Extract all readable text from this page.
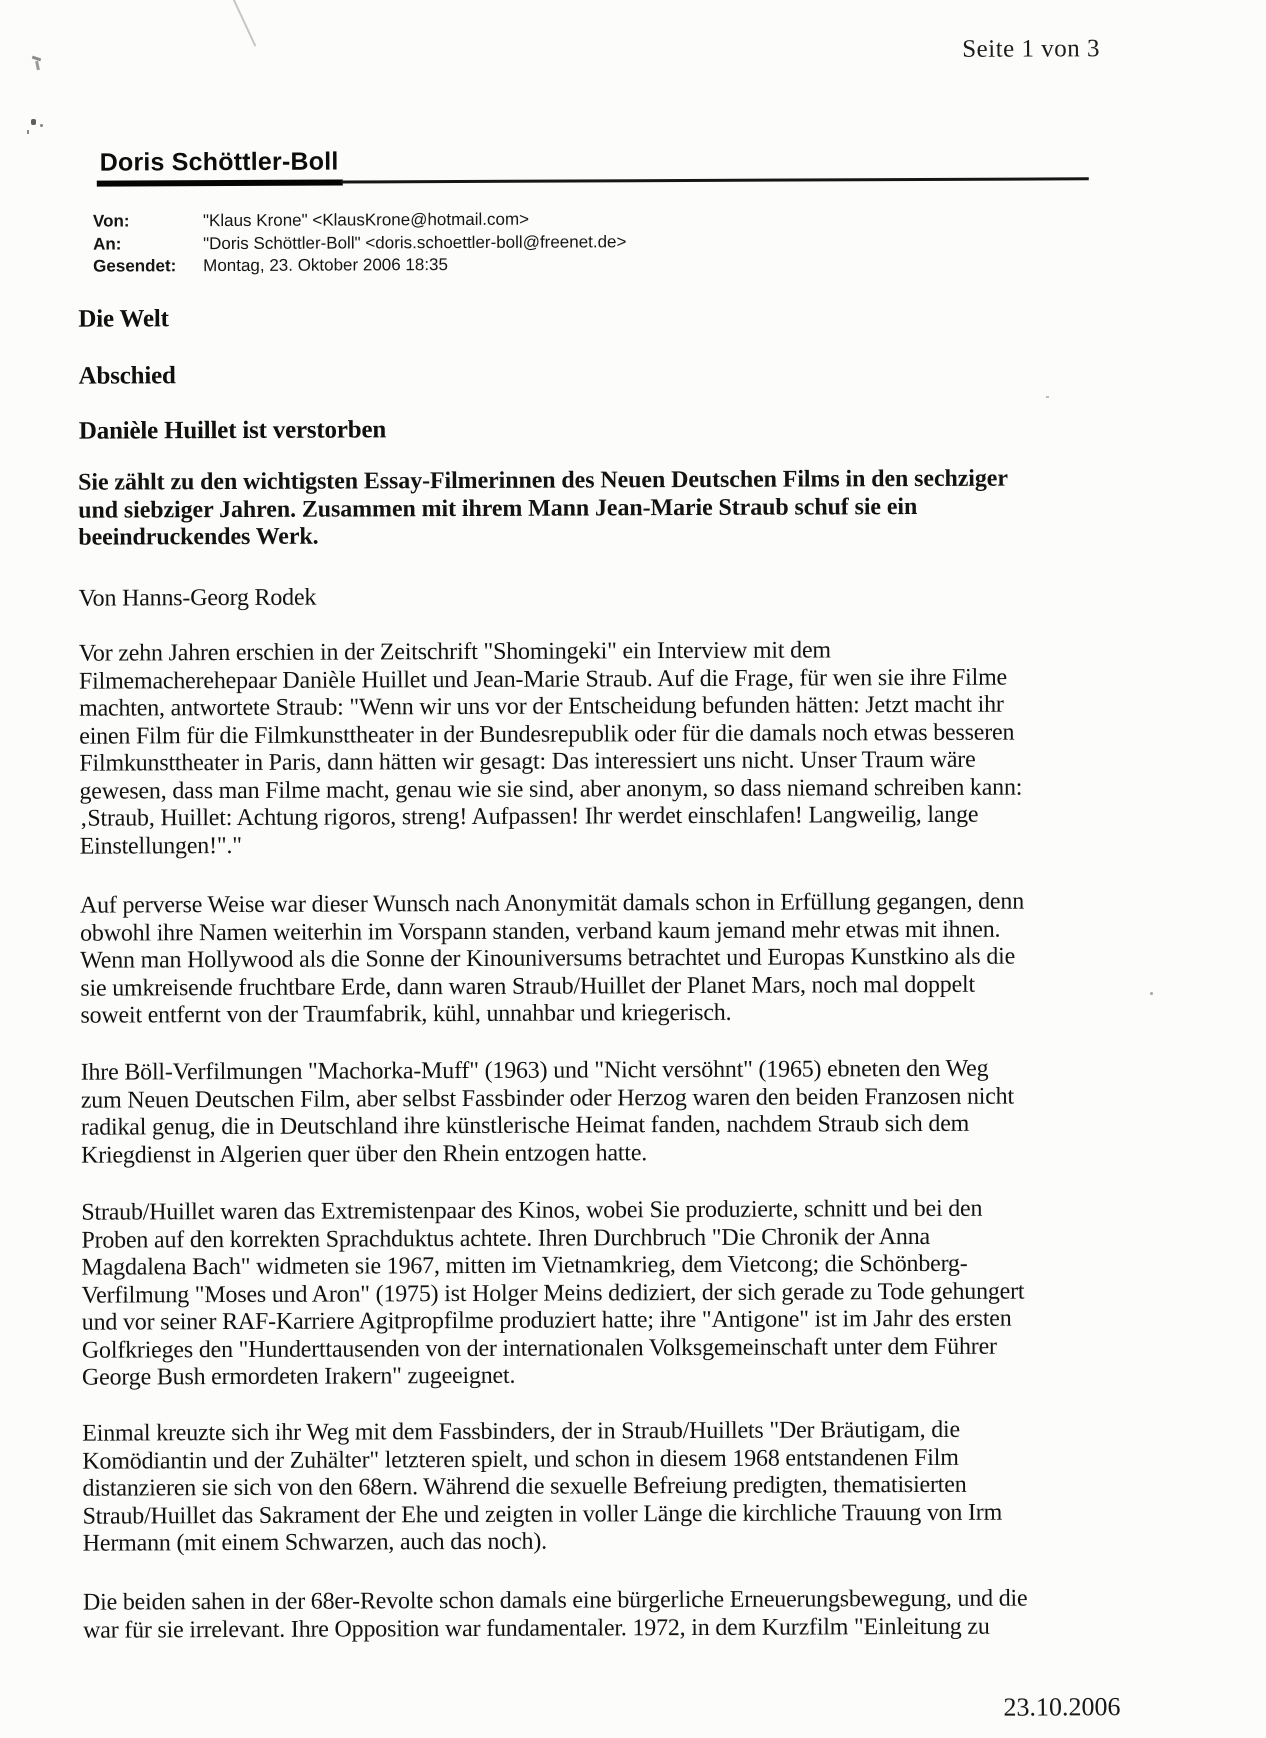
Seite 1 von 3
Doris Schöttler-Boll
Von:	"Klaus Krone" <KlausKrone@hotmail.com>
An:	"Doris Schöttler-Boll" <doris.schoettler-boll@freenet.de>
Gesendet: Montag, 23. Oktober 2006 18:35
Die Welt
Abschied
Danièle Huillet ist verstorben
Sie zählt zu den wichtigsten Essay-Filmerinnen des Neuen Deutschen Films in den sechziger
und siebziger Jahren. Zusammen mit ihrem Mann Jean-Marie Straub schuf sie ein
beeindruckendes Werk.
Von Hanns-Georg Rodek
Vor zehn Jahren erschien in der Zeitschrift "Shomingeki" ein Interview mit dem
Filmemacherehepaar Danièle Huillet und Jean-Marie Straub. Auf die Frage, für wen sie ihre Filme
machten, antwortete Straub: "Wenn wir uns vor der Entscheidung befunden hätten: Jetzt macht ihr
einen Film für die Filmkunsttheater in der Bundesrepublik oder für die damals noch etwas besseren
Filmkunsttheater in Paris, dann hätten wir gesagt: Das interessiert uns nicht. Unser Traum wäre
gewesen, dass man Filme macht, genau wie sie sind, aber anonym, so dass niemand schreiben kann:
‚Straub, Huillet: Achtung rigoros, streng! Aufpassen! Ihr werdet einschlafen! Langweilig, lange
Einstellungen!"."
Auf perverse Weise war dieser Wunsch nach Anonymität damals schon in Erfüllung gegangen, denn
obwohl ihre Namen weiterhin im Vorspann standen, verband kaum jemand mehr etwas mit ihnen.
Wenn man Hollywood als die Sonne der Kinouniversums betrachtet und Europas Kunstkino als die
sie umkreisende fruchtbare Erde, dann waren Straub/Huillet der Planet Mars, noch mal doppelt
soweit entfernt von der Traumfabrik, kühl, unnahbar und kriegerisch.
Ihre Böll-Verfilmungen "Machorka-Muff" (1963) und "Nicht versöhnt" (1965) ebneten den Weg
zum Neuen Deutschen Film, aber selbst Fassbinder oder Herzog waren den beiden Franzosen nicht
radikal genug, die in Deutschland ihre künstlerische Heimat fanden, nachdem Straub sich dem
Kriegdienst in Algerien quer über den Rhein entzogen hatte.
Straub/Huillet waren das Extremistenpaar des Kinos, wobei Sie produzierte, schnitt und bei den
Proben auf den korrekten Sprachduktus achtete. Ihren Durchbruch "Die Chronik der Anna
Magdalena Bach" widmeten sie 1967, mitten im Vietnamkrieg, dem Vietcong; die Schönberg-
Verfilmung "Moses und Aron" (1975) ist Holger Meins dediziert, der sich gerade zu Tode gehungert
und vor seiner RAF-Karriere Agitpropfilme produziert hatte; ihre "Antigone" ist im Jahr des ersten
Golfkrieges den "Hunderttausenden von der internationalen Volksgemeinschaft unter dem Führer
George Bush ermordeten Irakern" zugeeignet.
Einmal kreuzte sich ihr Weg mit dem Fassbinders, der in Straub/Huillets "Der Bräutigam, die
Komödiantin und der Zuhälter" letzteren spielt, und schon in diesem 1968 entstandenen Film
distanzieren sie sich von den 68ern. Während die sexuelle Befreiung predigten, thematisierten
Straub/Huillet das Sakrament der Ehe und zeigten in voller Länge die kirchliche Trauung von Irm
Hermann (mit einem Schwarzen, auch das noch).
Die beiden sahen in der 68er-Revolte schon damals eine bürgerliche Erneuerungsbewegung, und die
war für sie irrelevant. Ihre Opposition war fundamentaler. 1972, in dem Kurzfilm "Einleitung zu
23.10.2006
